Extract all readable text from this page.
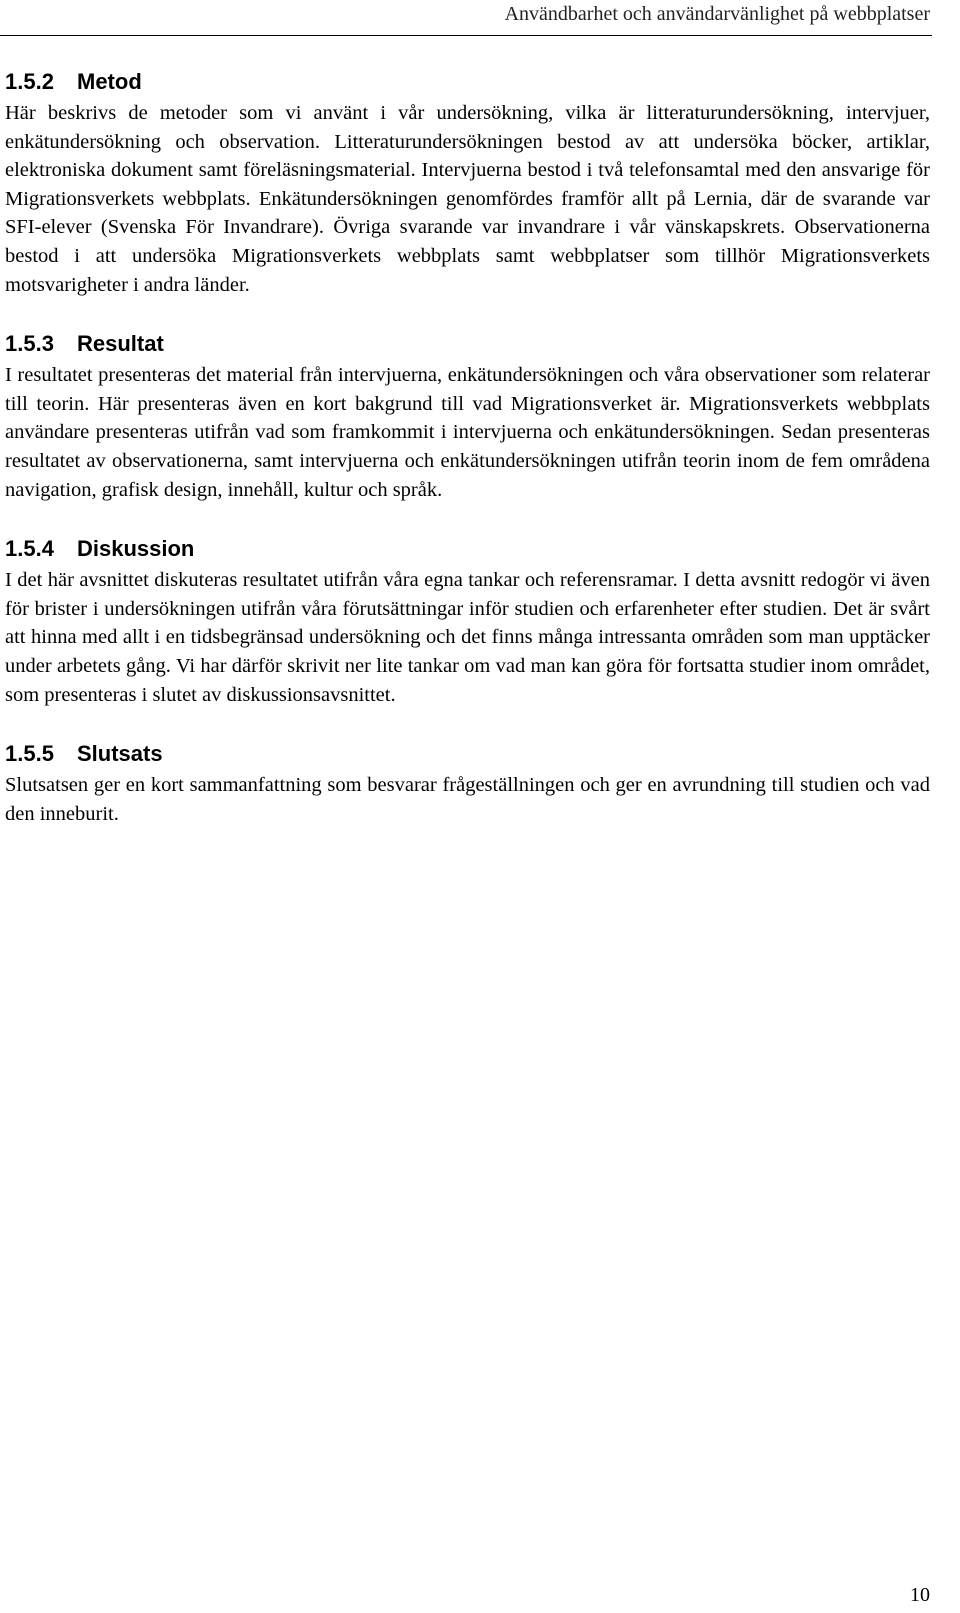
Användbarhet och användarvänlighet på webbplatser
1.5.2 Metod

Här beskrivs de metoder som vi använt i vår undersökning, vilka är litteraturundersökning, intervjuer, enkätundersökning och observation. Litteraturundersökningen bestod av att undersöka böcker, artiklar, elektroniska dokument samt föreläsningsmaterial. Intervjuerna bestod i två telefonsamtal med den ansvarige för Migrationsverkets webbplats. Enkätundersökningen genomfördes framför allt på Lernia, där de svarande var SFI-elever (Svenska För Invandrare). Övriga svarande var invandrare i vår vänskapskrets. Observationerna bestod i att undersöka Migrationsverkets webbplats samt webbplatser som tillhör Migrationsverkets motsvarigheter i andra länder.

1.5.3 Resultat

I resultatet presenteras det material från intervjuerna, enkätundersökningen och våra observationer som relaterar till teorin. Här presenteras även en kort bakgrund till vad Migrationsverket är. Migrationsverkets webbplats användare presenteras utifrån vad som framkommit i intervjuerna och enkätundersökningen. Sedan presenteras resultatet av observationerna, samt intervjuerna och enkätundersökningen utifrån teorin inom de fem områdena navigation, grafisk design, innehåll, kultur och språk.

1.5.4 Diskussion

I det här avsnittet diskuteras resultatet utifrån våra egna tankar och referensramar. I detta avsnitt redogör vi även för brister i undersökningen utifrån våra förutsättningar inför studien och erfarenheter efter studien. Det är svårt att hinna med allt i en tidsbegränsad undersökning och det finns många intressanta områden som man upptäcker under arbetets gång. Vi har därför skrivit ner lite tankar om vad man kan göra för fortsatta studier inom området, som presenteras i slutet av diskussionsavsnittet.

1.5.5 Slutsats

Slutsatsen ger en kort sammanfattning som besvarar frågeställningen och ger en avrundning till studien och vad den inneburit.

10
